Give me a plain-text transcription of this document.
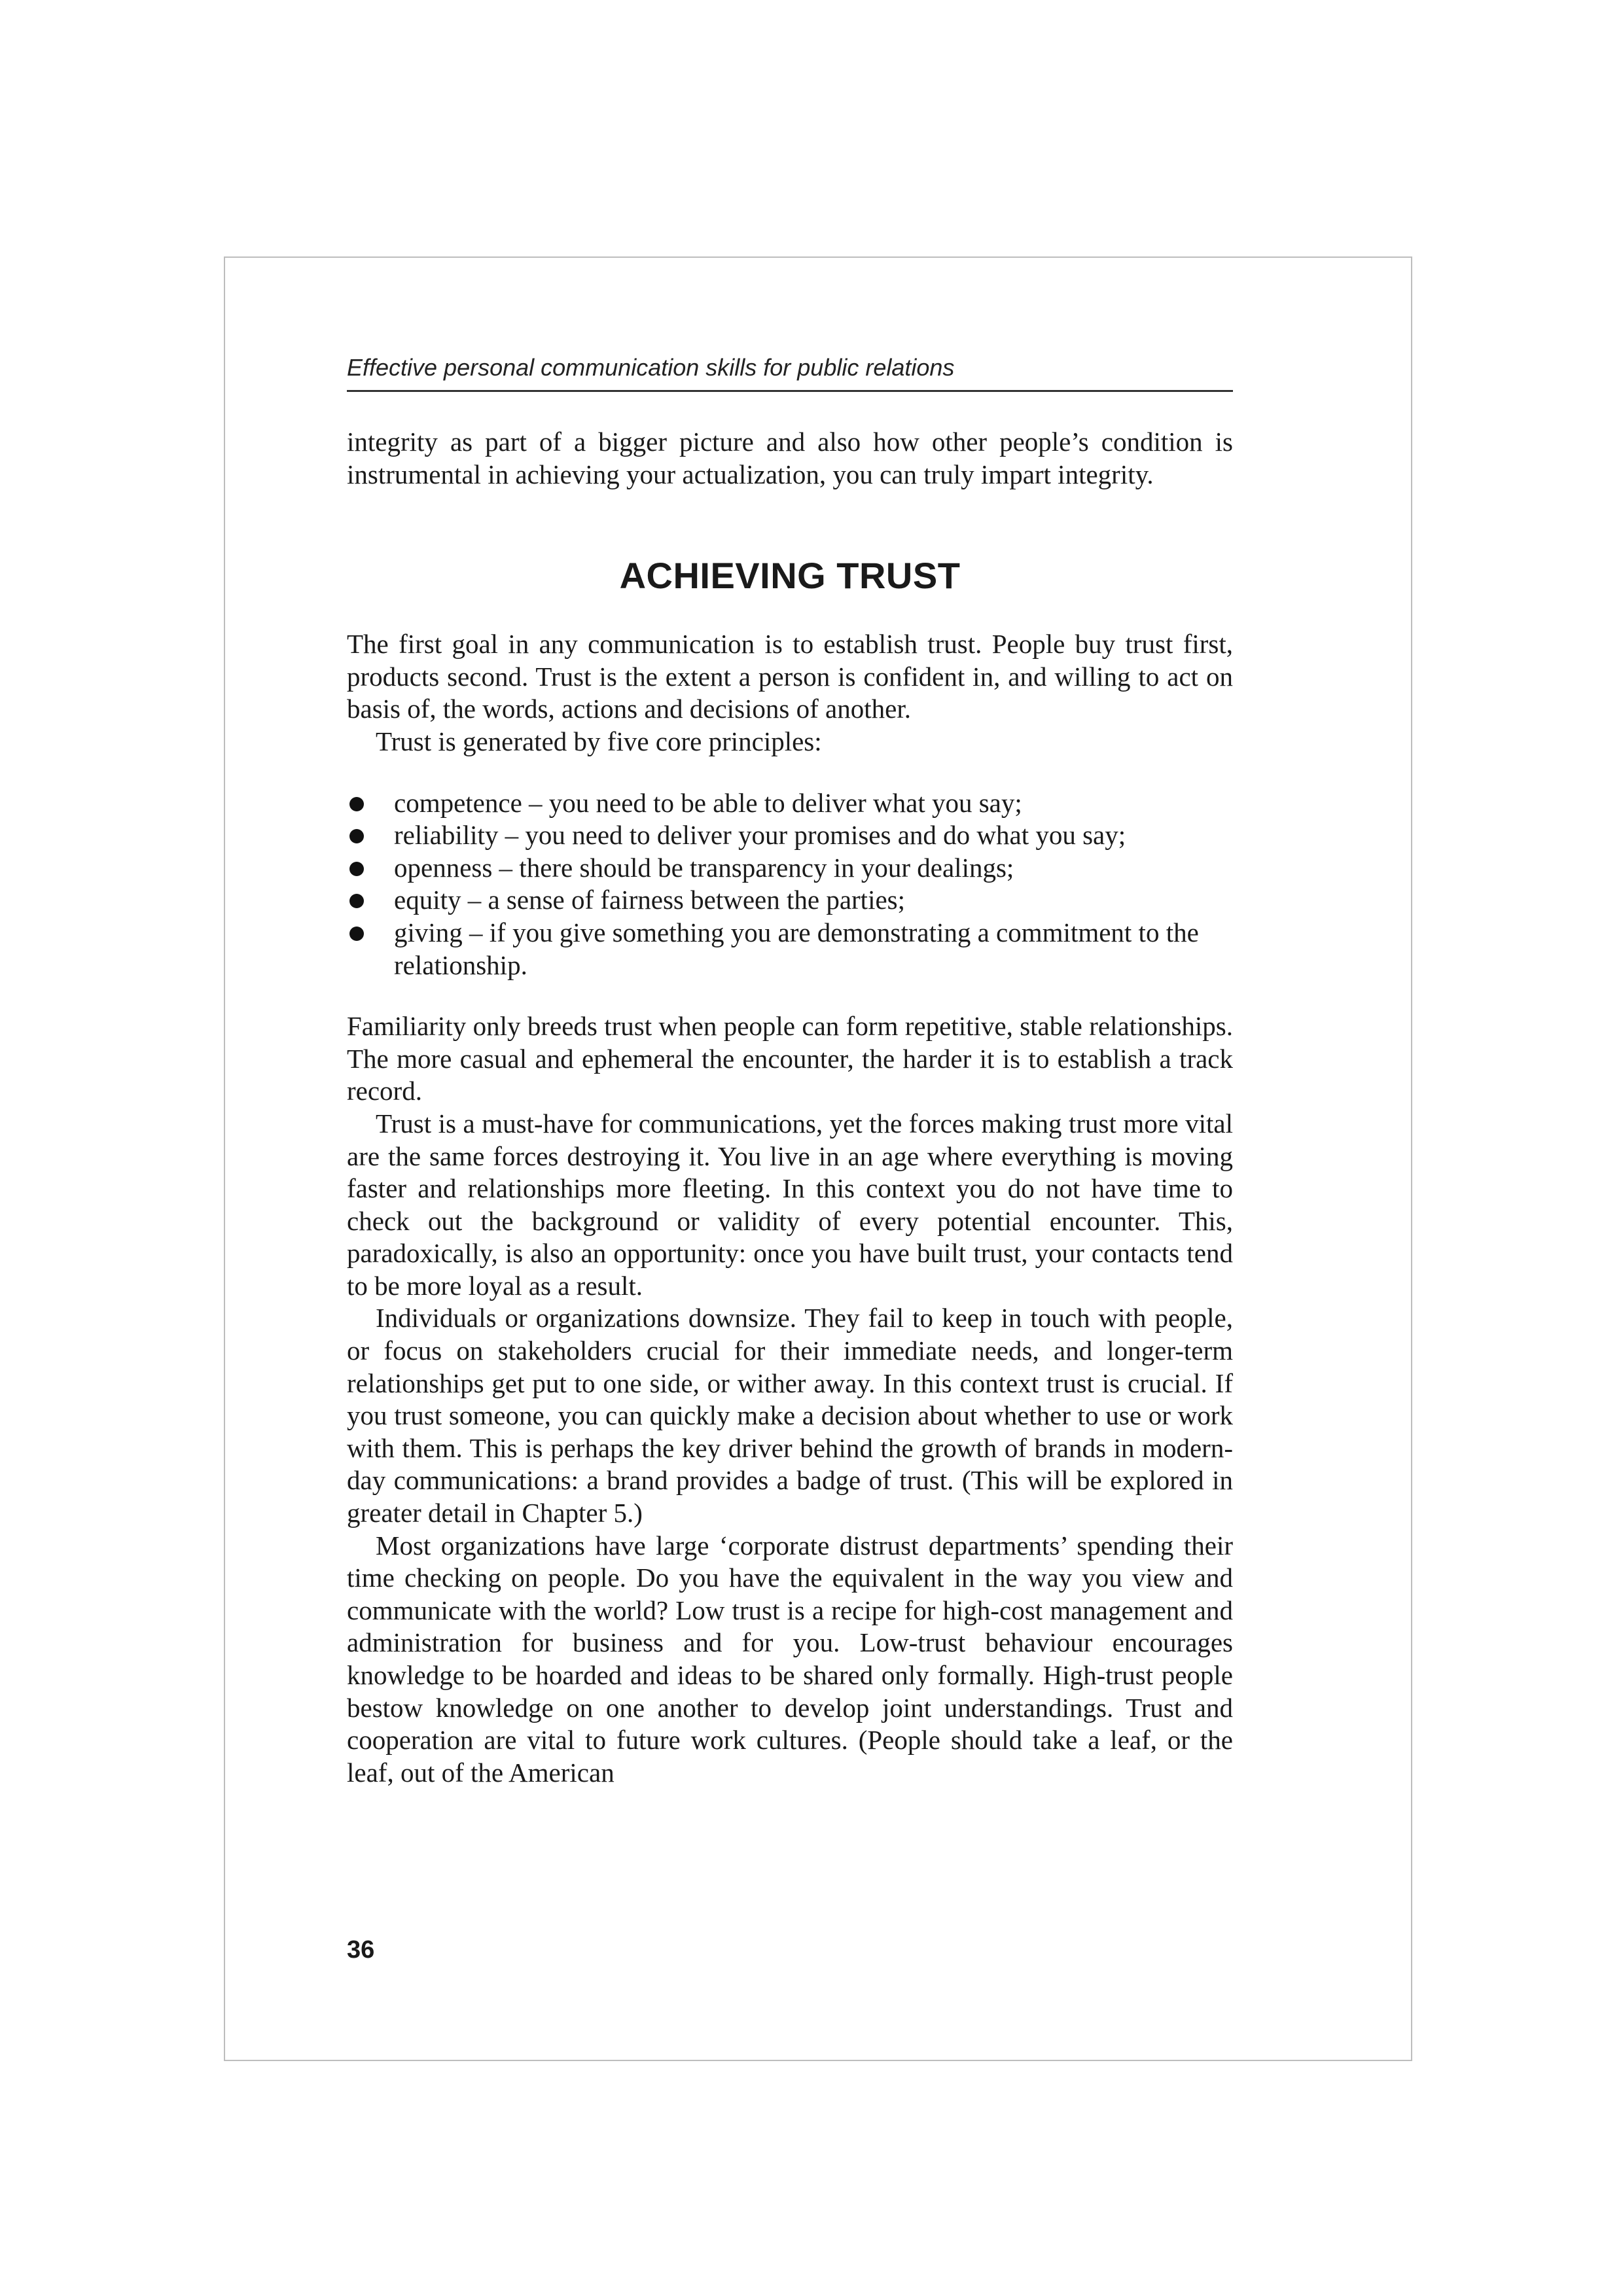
Effective personal communication skills for public relations

integrity as part of a bigger picture and also how other people’s condition is instrumental in achieving your actualization, you can truly impart integrity.

ACHIEVING TRUST

The first goal in any communication is to establish trust. People buy trust first, products second. Trust is the extent a person is confident in, and willing to act on basis of, the words, actions and decisions of another.

Trust is generated by five core principles:

competence – you need to be able to deliver what you say;
reliability – you need to deliver your promises and do what you say;
openness – there should be transparency in your dealings;
equity – a sense of fairness between the parties;
giving – if you give something you are demonstrating a commitment to the relationship.

Familiarity only breeds trust when people can form repetitive, stable relationships. The more casual and ephemeral the encounter, the harder it is to establish a track record.

Trust is a must-have for communications, yet the forces making trust more vital are the same forces destroying it. You live in an age where everything is moving faster and relationships more fleeting. In this context you do not have time to check out the background or validity of every potential encounter. This, paradoxically, is also an opportunity: once you have built trust, your contacts tend to be more loyal as a result.

Individuals or organizations downsize. They fail to keep in touch with people, or focus on stakeholders crucial for their immediate needs, and longer-term relationships get put to one side, or wither away. In this context trust is crucial. If you trust someone, you can quickly make a decision about whether to use or work with them. This is perhaps the key driver behind the growth of brands in modern-day communications: a brand provides a badge of trust. (This will be explored in greater detail in Chapter 5.)

Most organizations have large ‘corporate distrust departments’ spending their time checking on people. Do you have the equivalent in the way you view and communicate with the world? Low trust is a recipe for high-cost management and administration for business and for you. Low-trust behaviour encourages knowledge to be hoarded and ideas to be shared only formally. High-trust people bestow knowledge on one another to develop joint understandings. Trust and cooperation are vital to future work cultures. (People should take a leaf, or the leaf, out of the American

36
